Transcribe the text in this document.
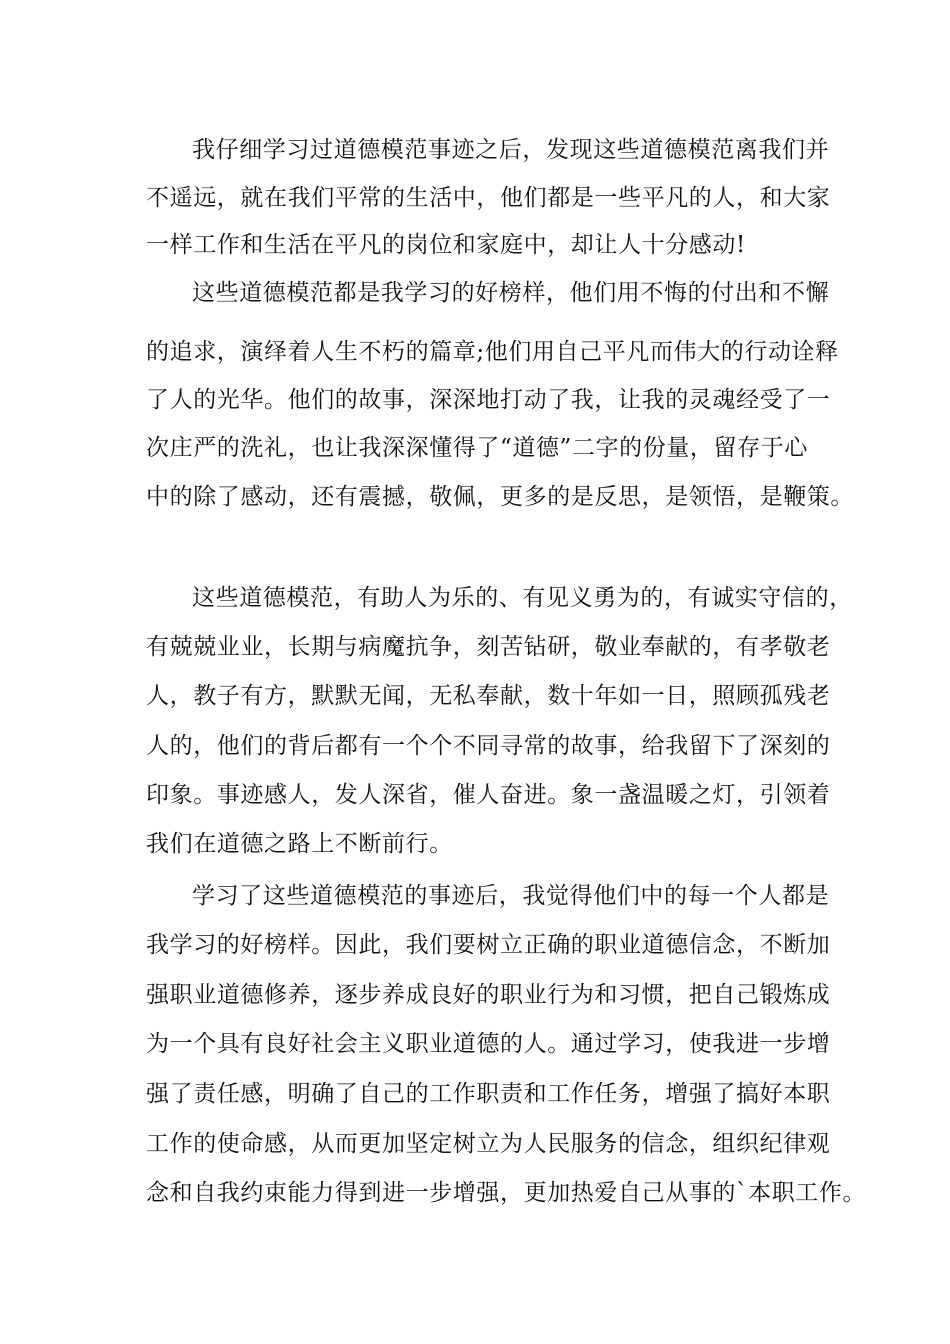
我仔细学习过道德模范事迹之后，发现这些道德模范离我们并
不遥远，就在我们平常的生活中，他们都是一些平凡的人，和大家
一样工作和生活在平凡的岗位和家庭中，却让人十分感动!
这些道德模范都是我学习的好榜样，他们用不悔的付出和不懈
的追求，演绎着人生不朽的篇章;他们用自己平凡而伟大的行动诠释
了人的光华。他们的故事，深深地打动了我，让我的灵魂经受了一
次庄严的洗礼，也让我深深懂得了“道德”二字的份量，留存于心
中的除了感动，还有震撼，敬佩，更多的是反思，是领悟，是鞭策。
这些道德模范，有助人为乐的、有见义勇为的，有诚实守信的，
有兢兢业业，长期与病魔抗争，刻苦钻研，敬业奉献的，有孝敬老
人，教子有方，默默无闻，无私奉献，数十年如一日，照顾孤残老
人的，他们的背后都有一个个不同寻常的故事，给我留下了深刻的
印象。事迹感人，发人深省，催人奋进。象一盏温暖之灯，引领着
我们在道德之路上不断前行。
学习了这些道德模范的事迹后，我觉得他们中的每一个人都是
我学习的好榜样。因此，我们要树立正确的职业道德信念，不断加
强职业道德修养，逐步养成良好的职业行为和习惯，把自己锻炼成
为一个具有良好社会主义职业道德的人。通过学习，使我进一步增
强了责任感，明确了自己的工作职责和工作任务，增强了搞好本职
工作的使命感，从而更加坚定树立为人民服务的信念，组织纪律观
念和自我约束能力得到进一步增强，更加热爱自己从事的`本职工作。
